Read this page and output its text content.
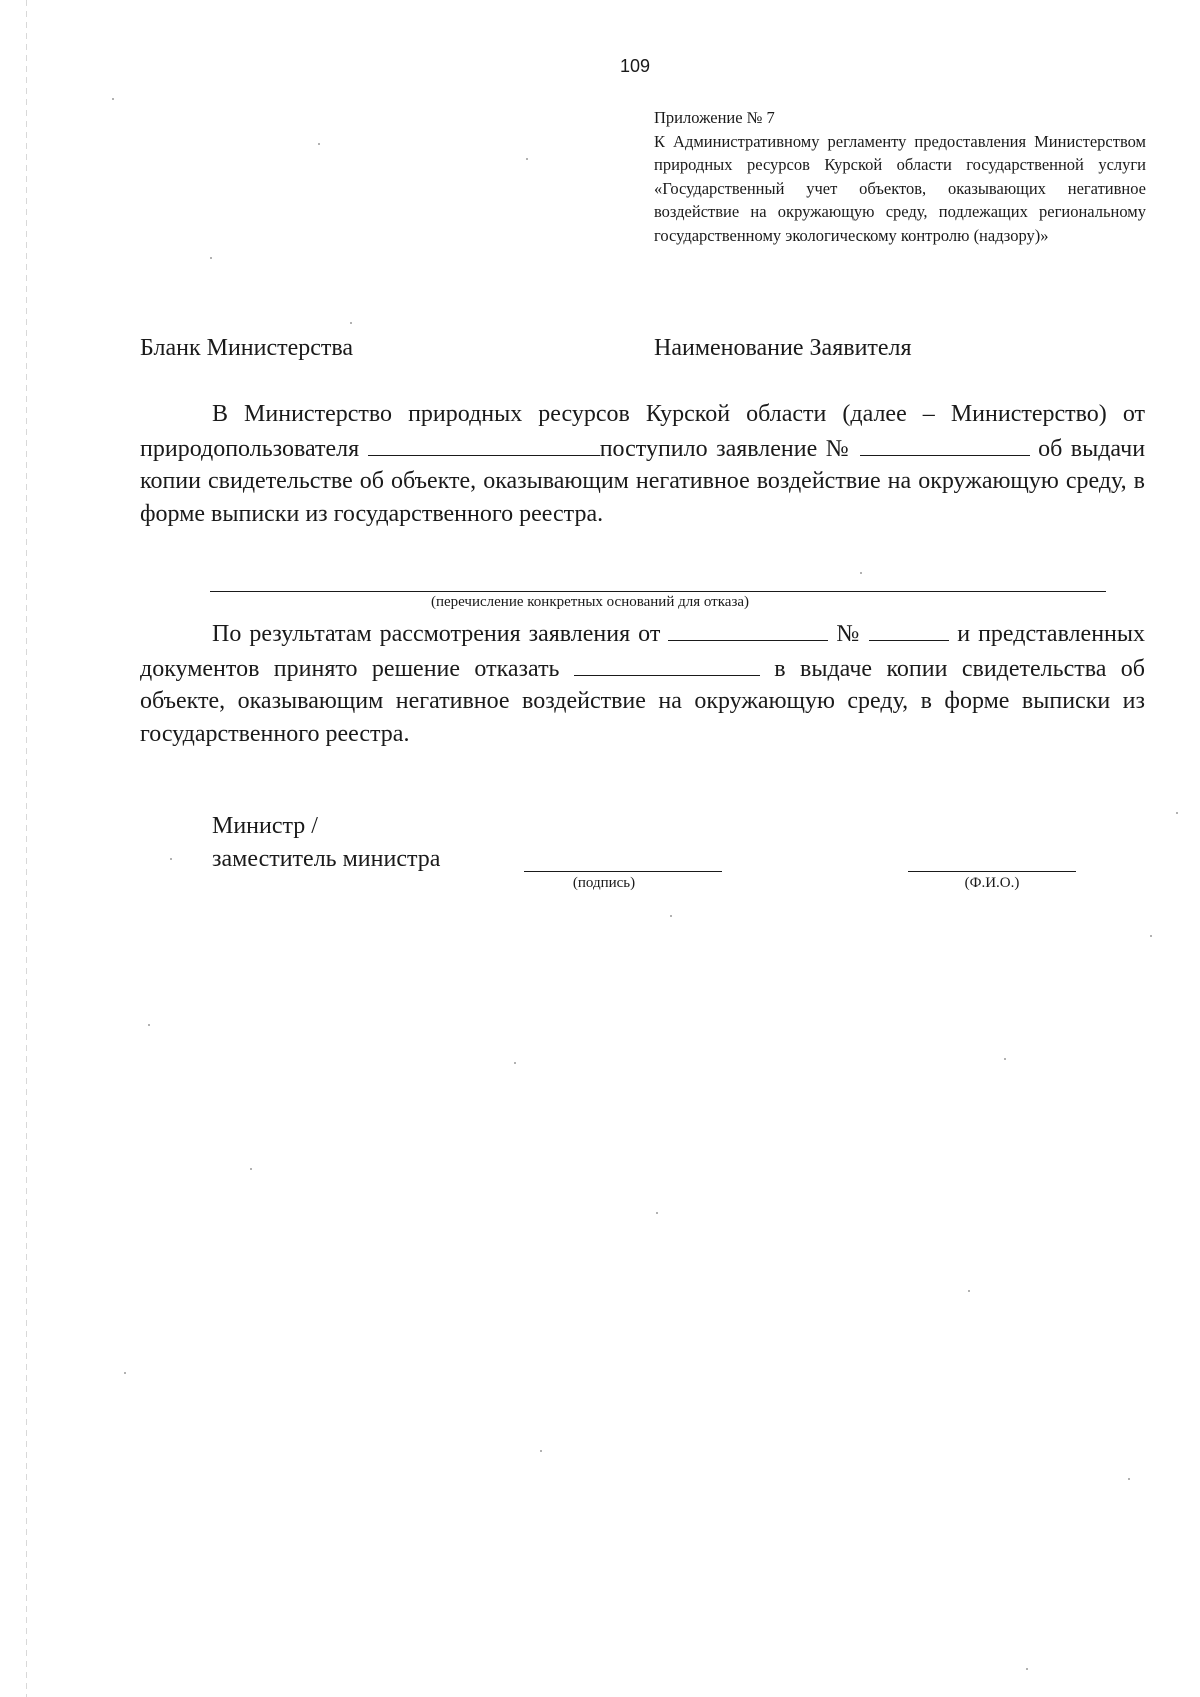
109

Приложение № 7

К Административному регламенту предоставления Министерством природных ресурсов Курской области государственной услуги «Государственный учет объектов, оказывающих негативное воздействие на окружающую среду, подлежащих региональному государственному экологическому контролю (надзору)»

Бланк Министерства	Наименование Заявителя

В Министерство природных ресурсов Курской области (далее – Министерство) от природопользователя	поступило заявление №	об выдачи копии свидетельстве об объекте, оказывающим негативное воздействие на окружающую среду, в форме выписки из государственного реестра.

(перечисление конкретных оснований для отказа)

По результатам рассмотрения заявления от	№	и представленных документов принято решение отказать	в выдаче копии свидетельства об объекте, оказывающим негативное воздействие на окружающую среду, в форме выписки из государственного реестра.

Министр /
заместитель министра
(подпись)	(Ф.И.О.)
